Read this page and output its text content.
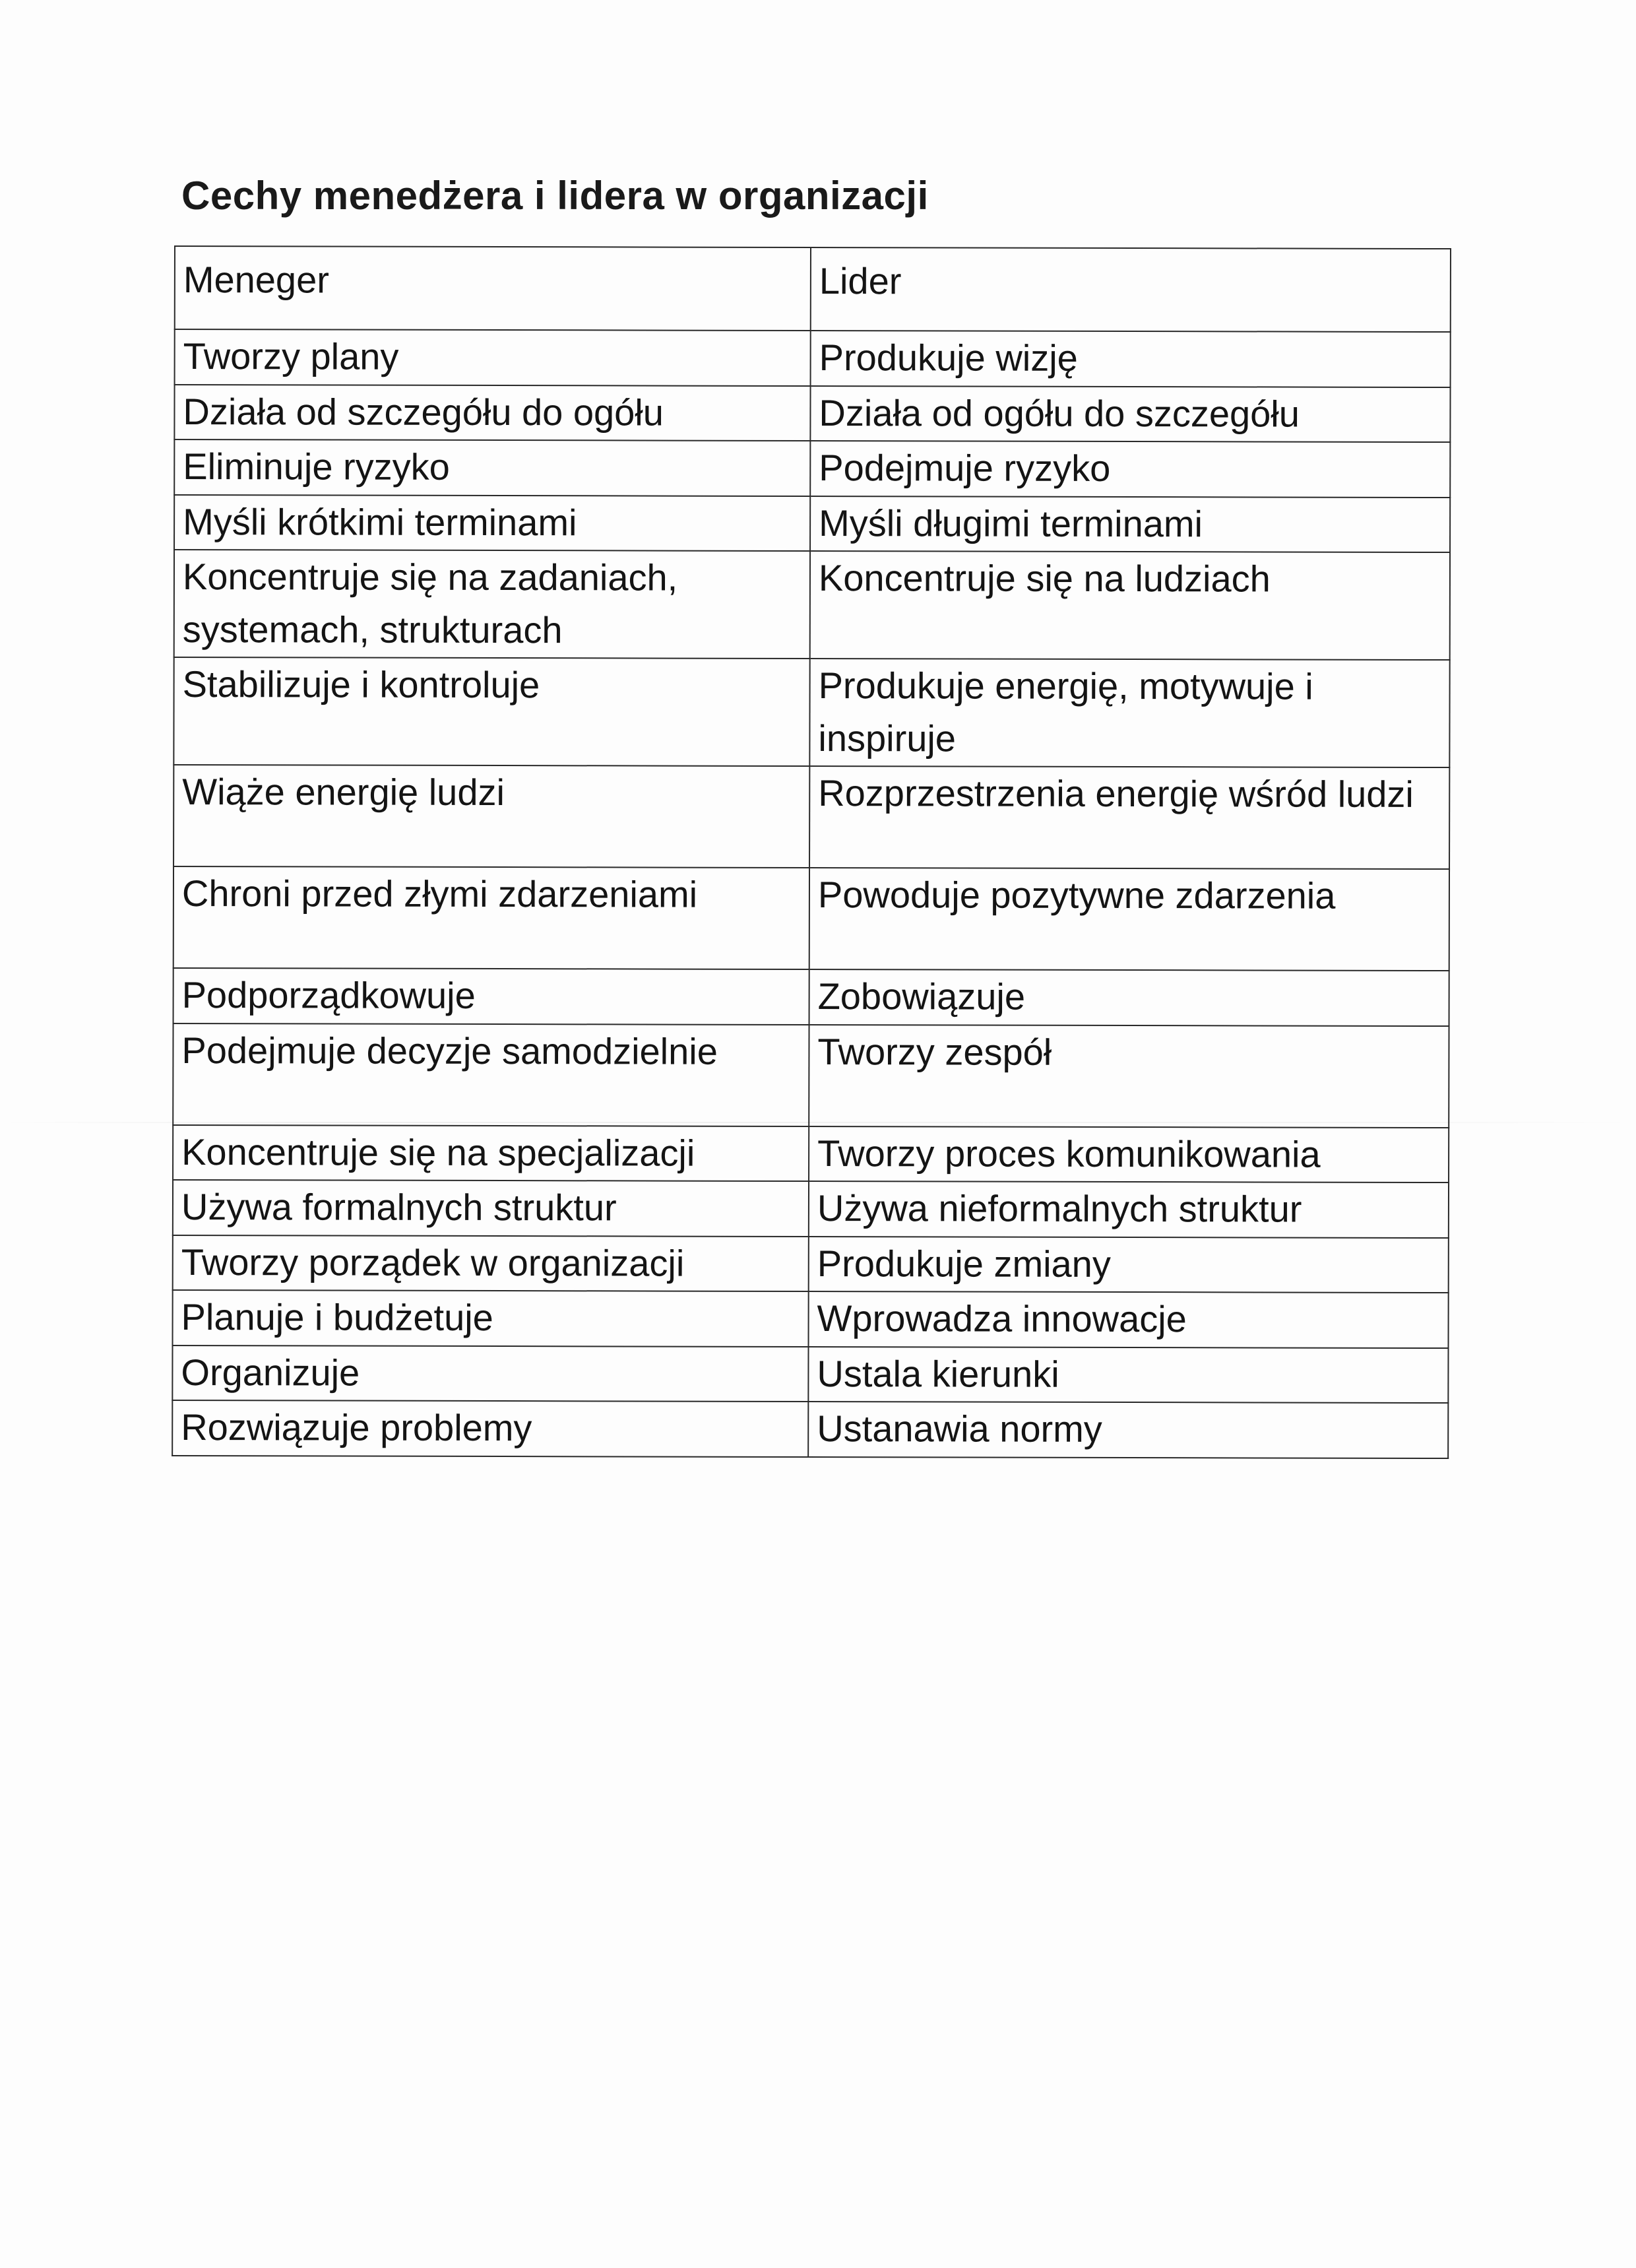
Cechy menedżera i lidera w organizacji
Meneger	Lider
Tworzy plany	Produkuje wizję
Działa od szczegółu do ogółu	Działa od ogółu do szczegółu
Eliminuje ryzyko	Podejmuje ryzyko
Myśli krótkimi terminami	Myśli długimi terminami
Koncentruje się na zadaniach, systemach, strukturach	Koncentruje się na ludziach
Stabilizuje i kontroluje	Produkuje energię, motywuje i inspiruje
Wiąże energię ludzi	Rozprzestrzenia energię wśród ludzi
Chroni przed złymi zdarzeniami	Powoduje pozytywne zdarzenia
Podporządkowuje	Zobowiązuje
Podejmuje decyzje samodzielnie	Tworzy zespół
Koncentruje się na specjalizacji	Tworzy proces komunikowania
Używa formalnych struktur	Używa nieformalnych struktur
Tworzy porządek w organizacji	Produkuje zmiany
Planuje i budżetuje	Wprowadza innowacje
Organizuje	Ustala kierunki
Rozwiązuje problemy	Ustanawia normy
